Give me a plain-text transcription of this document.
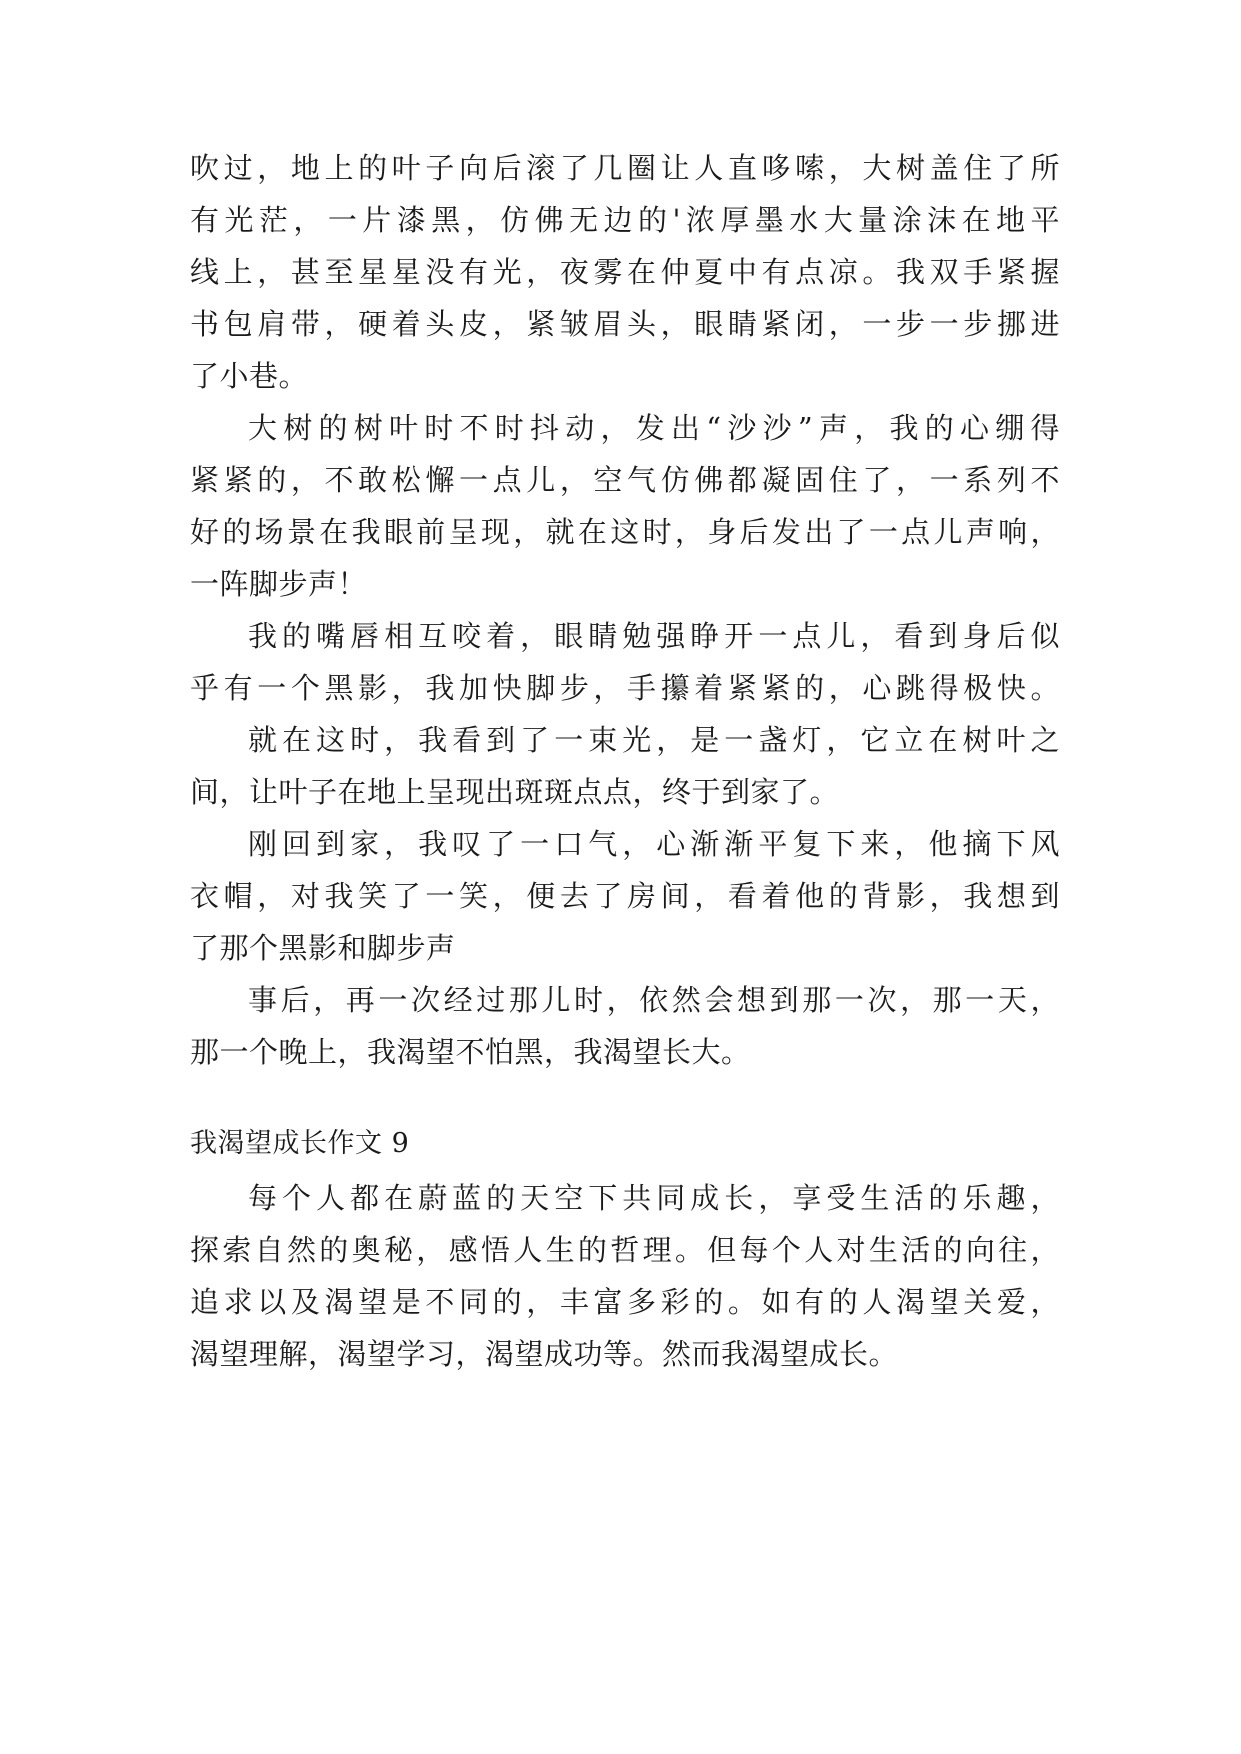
吹过，地上的叶子向后滚了几圈让人直哆嗦，大树盖住了所
有光茫，一片漆黑，仿佛无边的'浓厚墨水大量涂沫在地平
线上，甚至星星没有光，夜雾在仲夏中有点凉。我双手紧握
书包肩带，硬着头皮，紧皱眉头，眼睛紧闭，一步一步挪进
了小巷。
大树的树叶时不时抖动，发出“沙沙”声，我的心绷得
紧紧的，不敢松懈一点儿，空气仿佛都凝固住了，一系列不
好的场景在我眼前呈现，就在这时，身后发出了一点儿声响，
一阵脚步声！
我的嘴唇相互咬着，眼睛勉强睁开一点儿，看到身后似
乎有一个黑影，我加快脚步，手攥着紧紧的，心跳得极快。
就在这时，我看到了一束光，是一盏灯，它立在树叶之
间，让叶子在地上呈现出斑斑点点，终于到家了。
刚回到家，我叹了一口气，心渐渐平复下来，他摘下风
衣帽，对我笑了一笑，便去了房间，看着他的背影，我想到
了那个黑影和脚步声
事后，再一次经过那儿时，依然会想到那一次，那一天，
那一个晚上，我渴望不怕黑，我渴望长大。
我渴望成长作文 9
每个人都在蔚蓝的天空下共同成长，享受生活的乐趣，
探索自然的奥秘，感悟人生的哲理。但每个人对生活的向往，
追求以及渴望是不同的，丰富多彩的。如有的人渴望关爱，
渴望理解，渴望学习，渴望成功等。然而我渴望成长。
